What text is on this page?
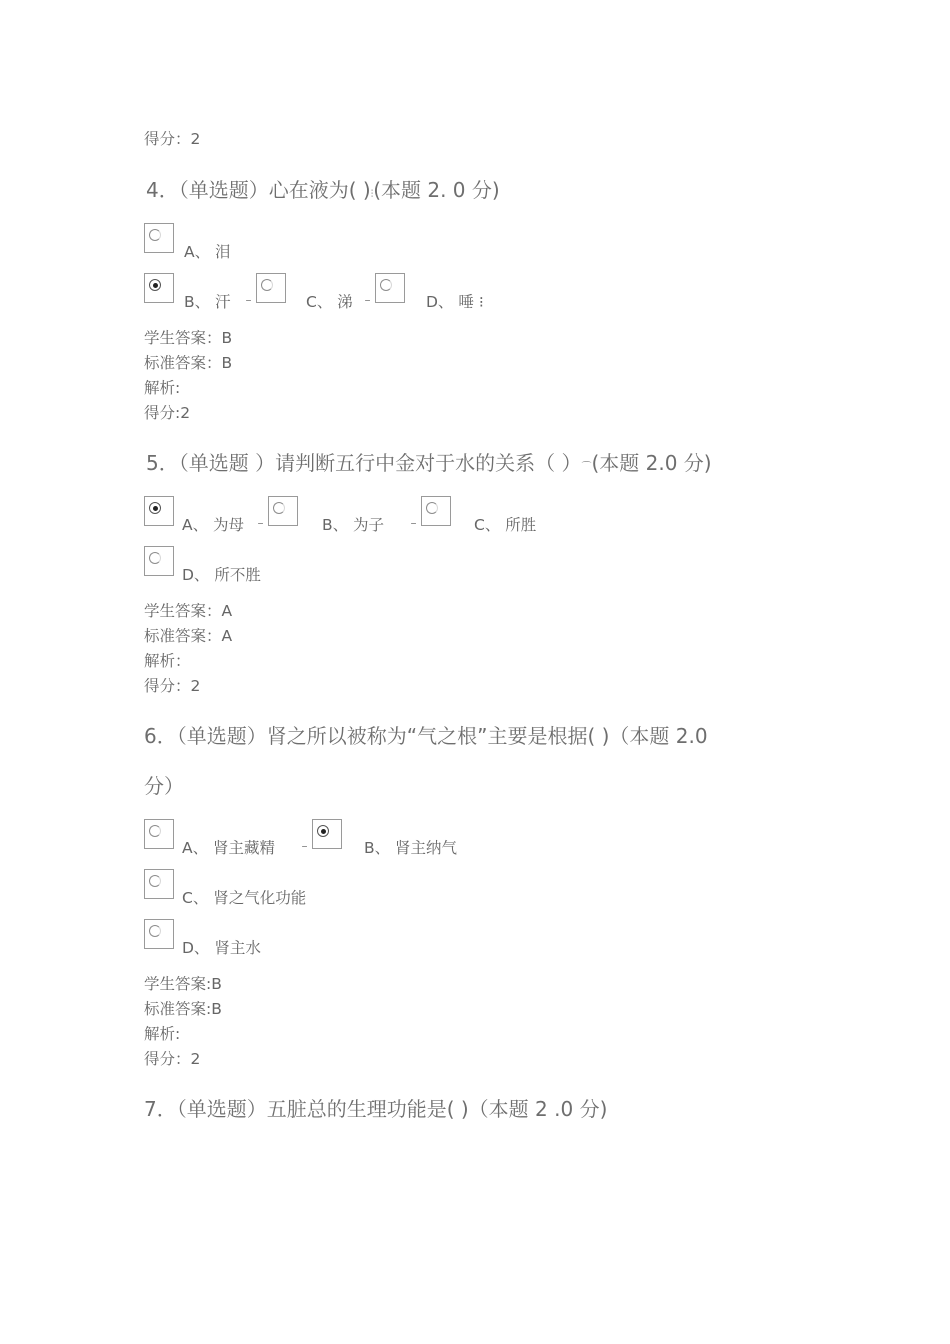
得分：2
4．（单选题）心在液为( )⫶(本题 2. 0 分)
A、 泪
B、 汗 ⲻ	C、 涕 ⲻ	D、 唾 ⁝
学生答案：B
标准答案：B
解析:
得分:2
5．（单选题 ）请判断五行中金对于水的关系（ ）⌒(本题 2.0 分)
A、 为母 ⲻ	B、 为子	ⲻ	C、 所胜
D、 所不胜
学生答案：A
标准答案：A
解析：
得分：2
6．（单选题）肾之所以被称为“气之根”主要是根据( )（本题 2.0
分）
A、 肾主藏精	ⲻ	B、 肾主纳气
C、 肾之气化功能
D、 肾主水
学生答案:B
标准答案:B
解析:
得分：2
7．（单选题）五脏总的生理功能是( )（本题 2 .0 分)
